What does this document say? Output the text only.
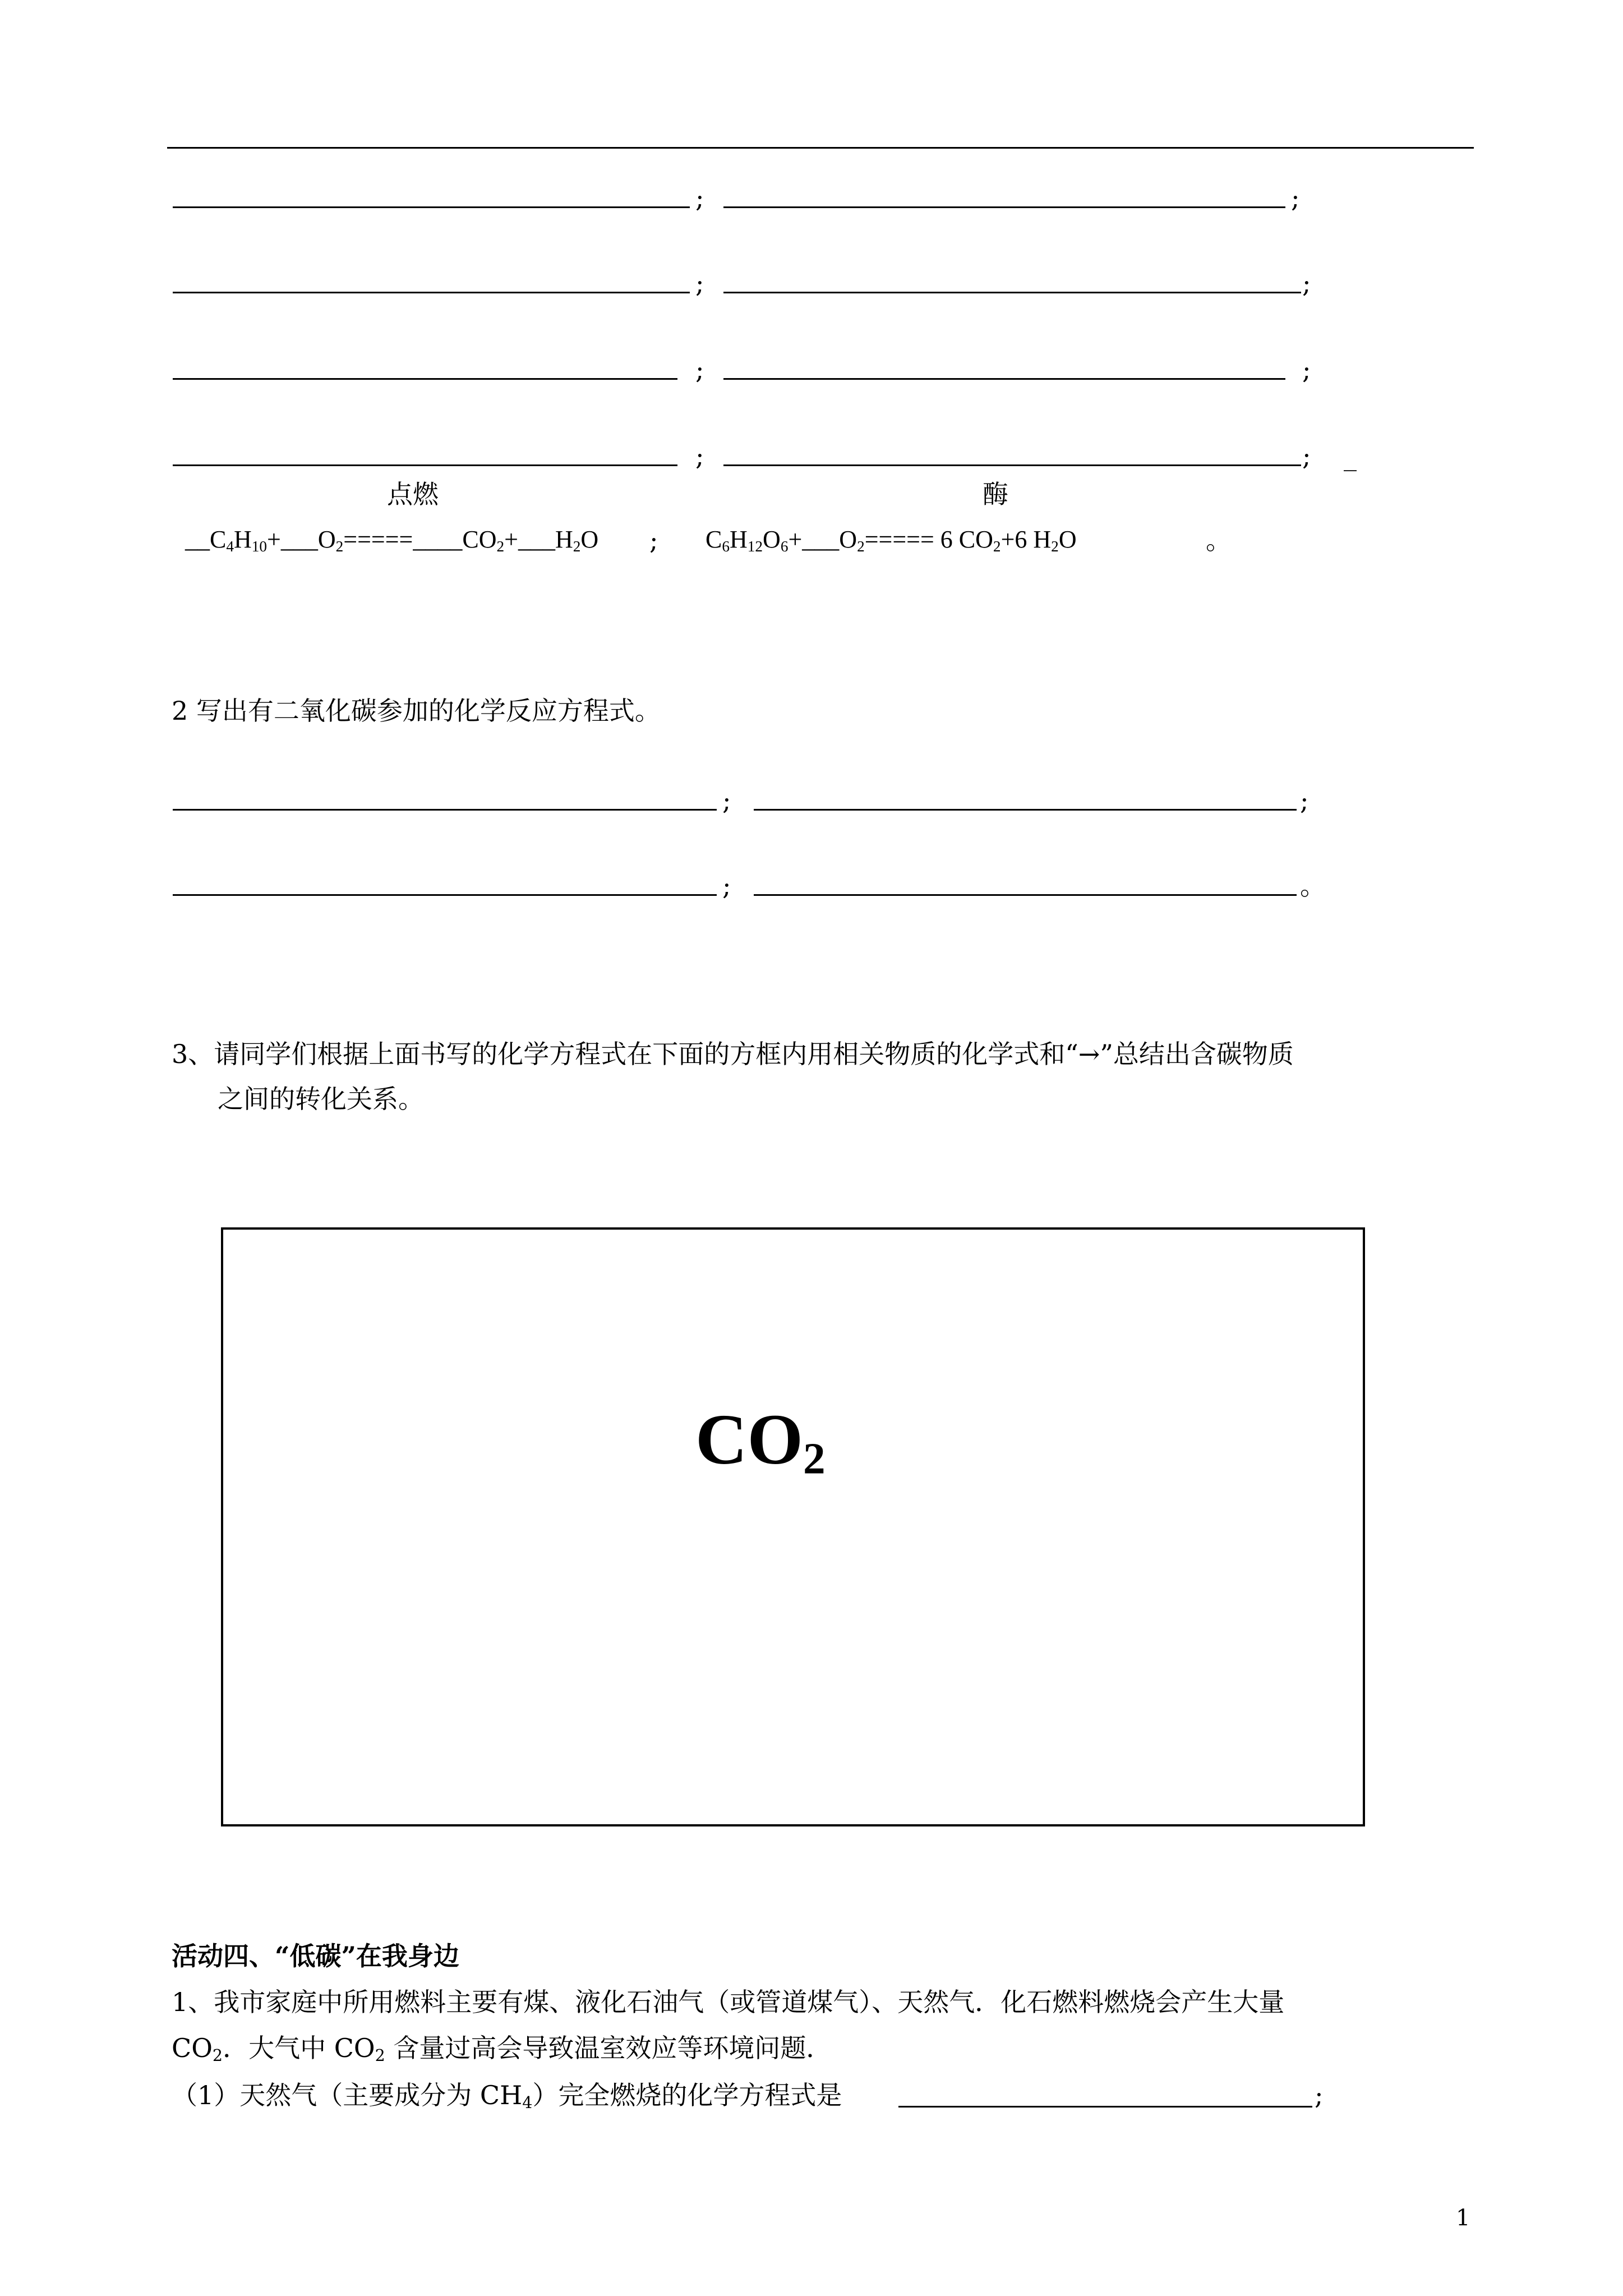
;	;
;	;
;	;
;	; _
点燃	酶
$\_\_C_4H_{10}+\_\_\_O_2=====\_\_\_\_CO_2+\_\_\_H_2O$ ; $C_6H_{12}O_6+\_\_\_O_2===== 6$ $CO_2+6$ $H_2O$	。
2 写出有二氧化碳参加的化学反应方程式。
;	;
;	。
3、请同学们根据上面书写的化学方程式在下面的方框内用相关物质的化学式和“→”总结出含碳物质
之间的转化关系。
$CO_2$
活动四、“低碳”在我身边
1、我市家庭中所用燃料主要有煤、液化石油气（或管道煤气）、天然气．化石燃料燃烧会产生大量
$CO_2$．大气中 $CO_2$ 含量过高会导致温室效应等环境问题．
（1）天然气（主要成分为 $CH_4$）完全燃烧的化学方程式是	;
1
